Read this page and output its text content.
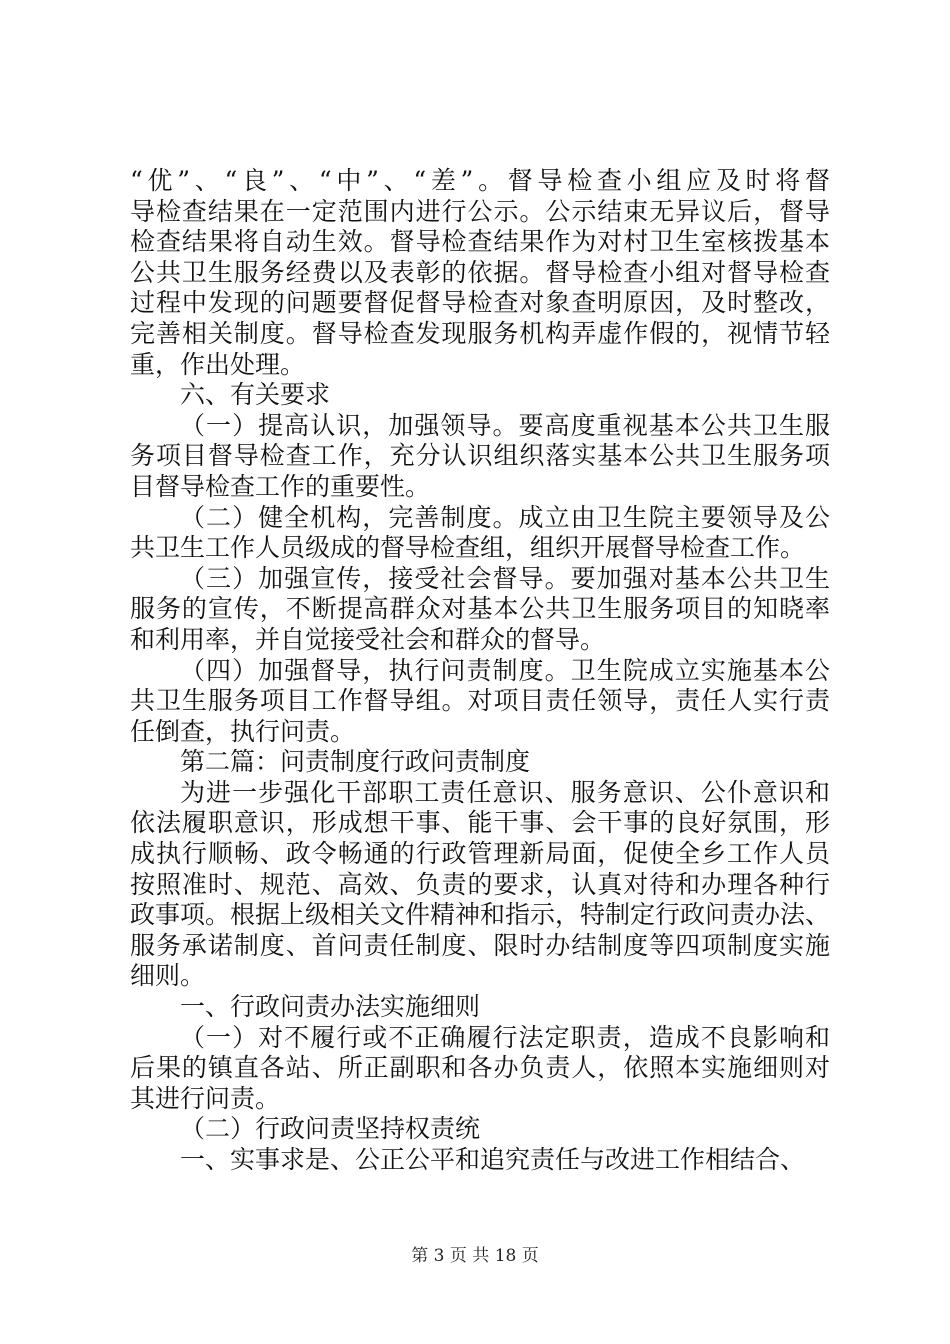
“优”、“良”、“中”、“差”。督导检查小组应及时将督
导检查结果在一定范围内进行公示。公示结束无异议后，督导
检查结果将自动生效。督导检查结果作为对村卫生室核拨基本
公共卫生服务经费以及表彰的依据。督导检查小组对督导检查
过程中发现的问题要督促督导检查对象查明原因，及时整改，
完善相关制度。督导检查发现服务机构弄虚作假的，视情节轻
重，作出处理。
六、有关要求
（一）提高认识，加强领导。要高度重视基本公共卫生服
务项目督导检查工作，充分认识组织落实基本公共卫生服务项
目督导检查工作的重要性。
（二）健全机构，完善制度。成立由卫生院主要领导及公
共卫生工作人员级成的督导检查组，组织开展督导检查工作。
（三）加强宣传，接受社会督导。要加强对基本公共卫生
服务的宣传，不断提高群众对基本公共卫生服务项目的知晓率
和利用率，并自觉接受社会和群众的督导。
（四）加强督导，执行问责制度。卫生院成立实施基本公
共卫生服务项目工作督导组。对项目责任领导，责任人实行责
任倒查，执行问责。
第二篇：问责制度行政问责制度
为进一步强化干部职工责任意识、服务意识、公仆意识和
依法履职意识，形成想干事、能干事、会干事的良好氛围，形
成执行顺畅、政令畅通的行政管理新局面，促使全乡工作人员
按照准时、规范、高效、负责的要求，认真对待和办理各种行
政事项。根据上级相关文件精神和指示，特制定行政问责办法、
服务承诺制度、首问责任制度、限时办结制度等四项制度实施
细则。
一、行政问责办法实施细则
（一）对不履行或不正确履行法定职责，造成不良影响和
后果的镇直各站、所正副职和各办负责人，依照本实施细则对
其进行问责。
（二）行政问责坚持权责统
一、实事求是、公正公平和追究责任与改进工作相结合、
第 3 页 共 18 页
